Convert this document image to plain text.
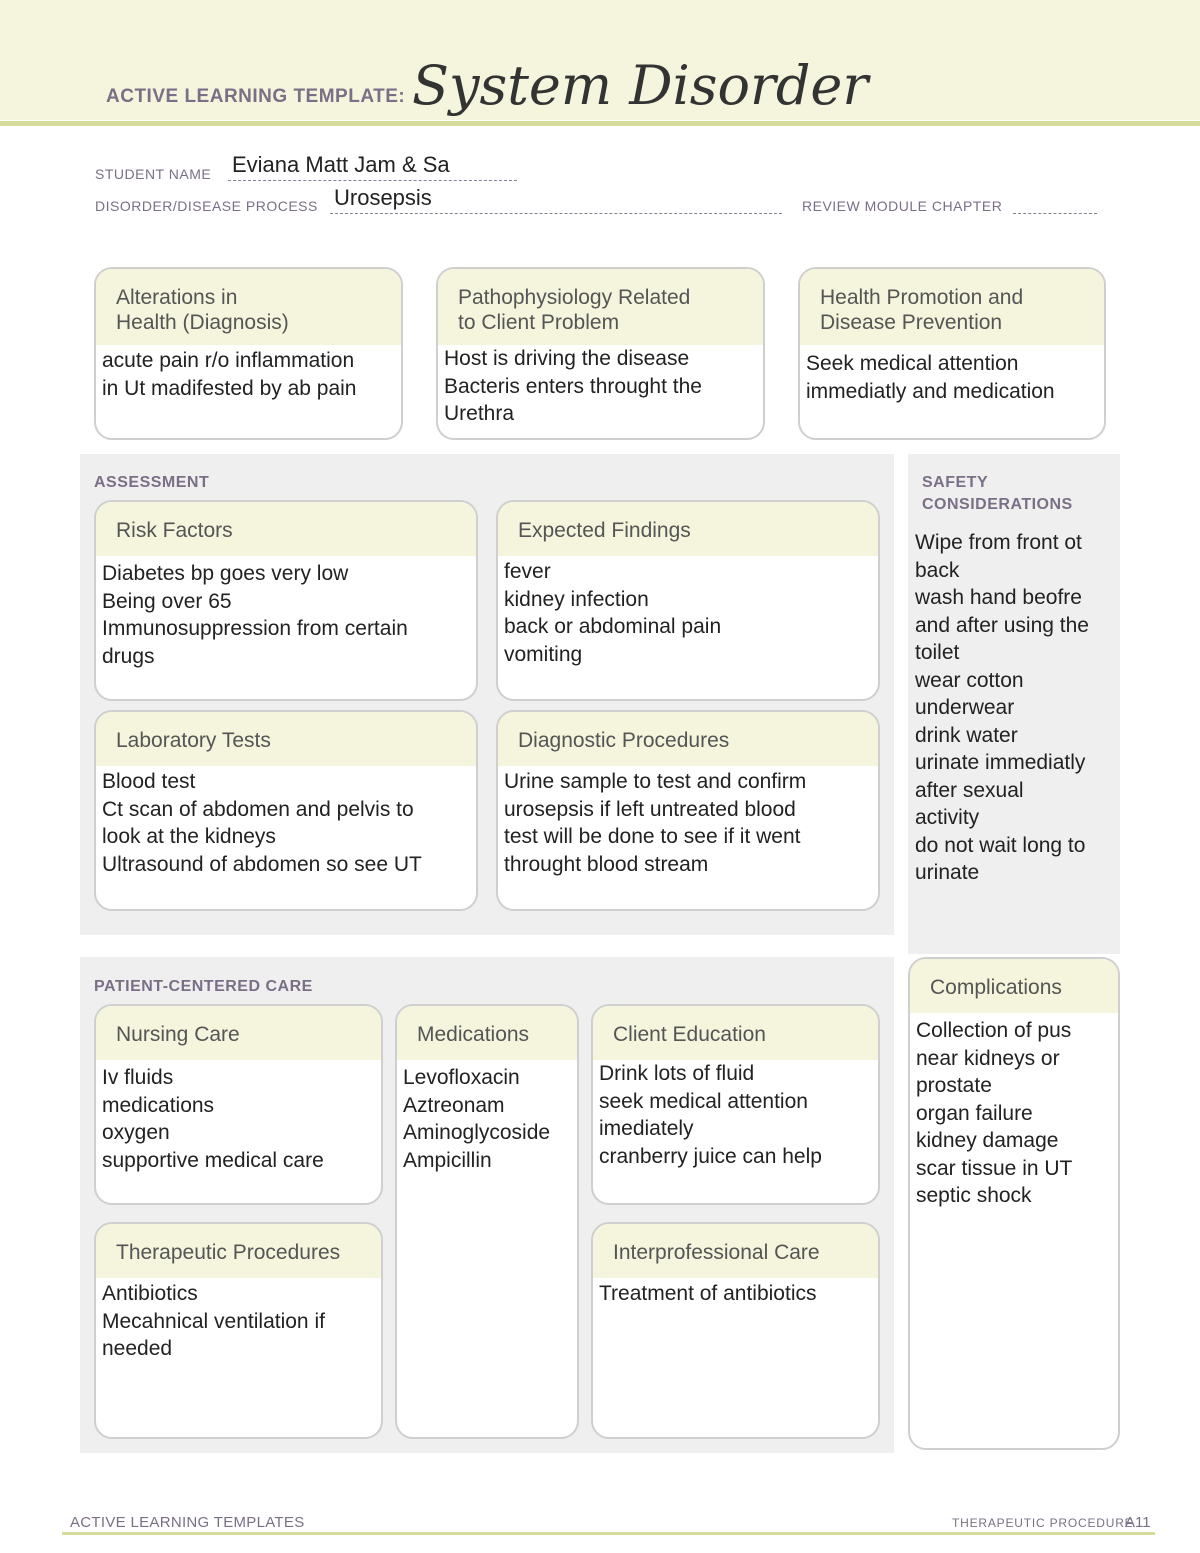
ACTIVE LEARNING TEMPLATE: System Disorder
STUDENT NAME Eviana Matt Jam & Sa
DISORDER/DISEASE PROCESS Urosepsis	REVIEW MODULE CHAPTER
Alterations in
Health (Diagnosis)
acute pain r/o inflammation
in Ut madifested by ab pain
Pathophysiology Related
to Client Problem
Host is driving the disease
Bacteris enters throught the
Urethra
Health Promotion and
Disease Prevention
Seek medical attention
immediatly and medication
ASSESSMENT
Risk Factors
Diabetes bp goes very low
Being over 65
Immunosuppression from certain
drugs
Expected Findings
fever
kidney infection
back or abdominal pain
vomiting
Laboratory Tests
Blood test
Ct scan of abdomen and pelvis to
look at the kidneys
Ultrasound of abdomen so see UT
Diagnostic Procedures
Urine sample to test and confirm
urosepsis if left untreated blood
test will be done to see if it went
throught blood stream
SAFETY
CONSIDERATIONS
Wipe from front ot
back
wash hand beofre
and after using the
toilet
wear cotton
underwear
drink water
urinate immediatly
after sexual
activity
do not wait long to
urinate
PATIENT-CENTERED CARE
Nursing Care
Iv fluids
medications
oxygen
supportive medical care
Medications
Levofloxacin
Aztreonam
Aminoglycoside
Ampicillin
Client Education
Drink lots of fluid
seek medical attention
imediately
cranberry juice can help
Therapeutic Procedures
Antibiotics
Mecahnical ventilation if
needed
Interprofessional Care
Treatment of antibiotics
Complications
Collection of pus
near kidneys or
prostate
organ failure
kidney damage
scar tissue in UT
septic shock
ACTIVE LEARNING TEMPLATES	THERAPEUTIC PROCEDURE
A11
